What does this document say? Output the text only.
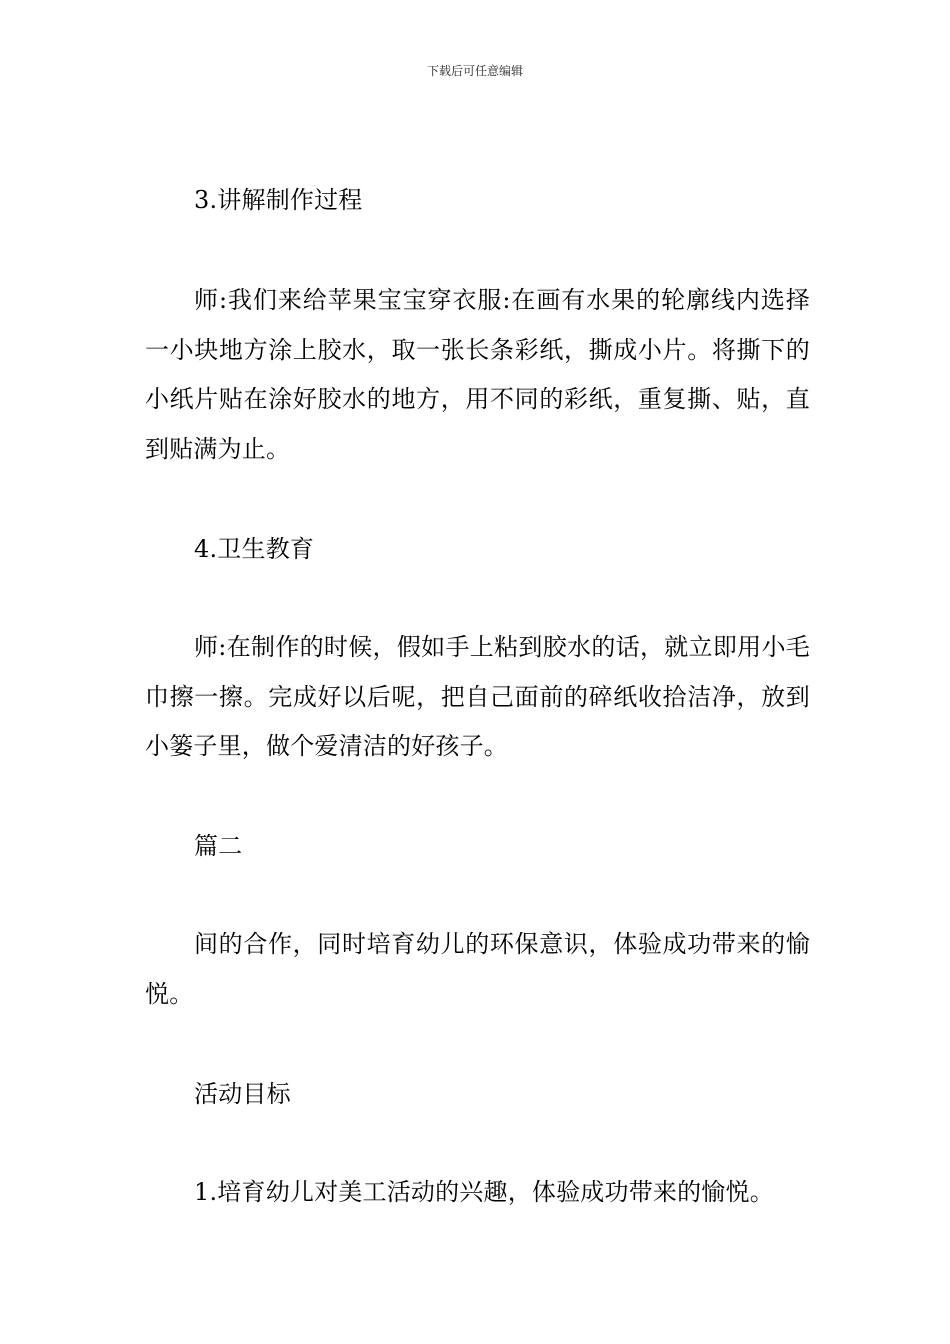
下载后可任意编辑

3.讲解制作过程

师:我们来给苹果宝宝穿衣服:在画有水果的轮廓线内选择一小块地方涂上胶水，取一张长条彩纸，撕成小片。将撕下的小纸片贴在涂好胶水的地方，用不同的彩纸，重复撕、贴，直到贴满为止。

4.卫生教育

师:在制作的时候，假如手上粘到胶水的话，就立即用小毛巾擦一擦。完成好以后呢，把自己面前的碎纸收拾洁净，放到小篓子里，做个爱清洁的好孩子。

篇二

间的合作，同时培育幼儿的环保意识，体验成功带来的愉悦。

活动目标

1.培育幼儿对美工活动的兴趣，体验成功带来的愉悦。
